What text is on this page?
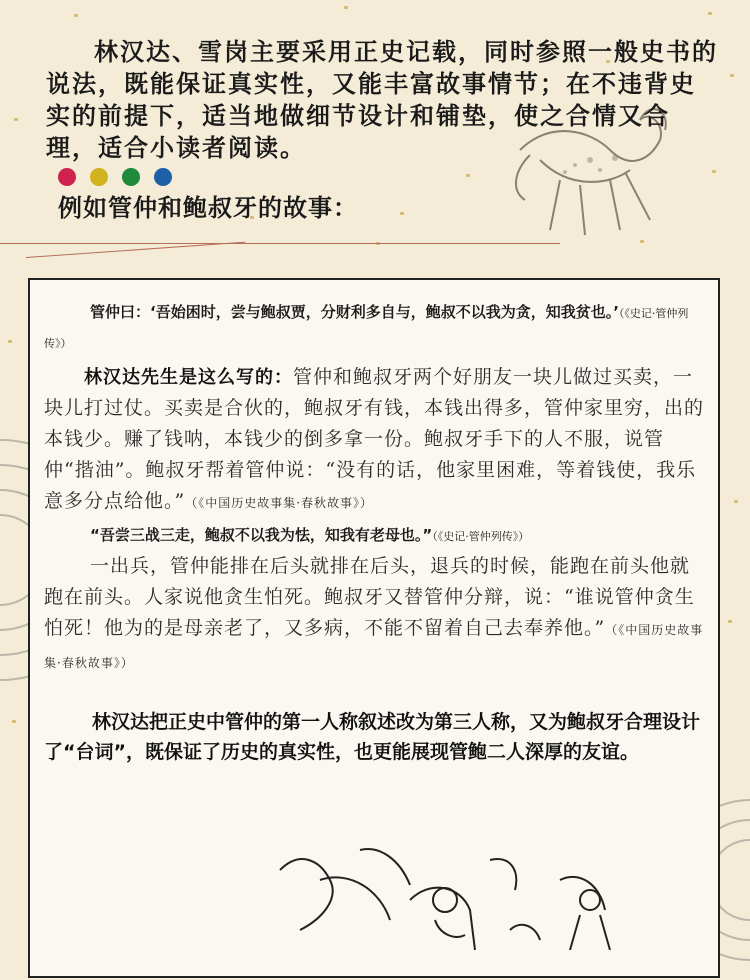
林汉达、雪岗主要采用正史记载，同时参照一般史书的说法，既能保证真实性，又能丰富故事情节；在不违背史实的前提下，适当地做细节设计和铺垫，使之合情又合理，适合小读者阅读。

例如管仲和鲍叔牙的故事：

管仲曰：‘吾始困时，尝与鲍叔贾，分财利多自与，鲍叔不以我为贪，知我贫也。’（《史记·管仲列传》）

林汉达先生是这么写的：管仲和鲍叔牙两个好朋友一块儿做过买卖，一块儿打过仗。买卖是合伙的，鲍叔牙有钱，本钱出得多，管仲家里穷，出的本钱少。赚了钱呐，本钱少的倒多拿一份。鲍叔牙手下的人不服，说管仲“揩油”。鲍叔牙帮着管仲说：“没有的话，他家里困难，等着钱使，我乐意多分点给他。”（《中国历史故事集·春秋故事》）

“吾尝三战三走，鲍叔不以我为怯，知我有老母也。”（《史记·管仲列传》）

一出兵，管仲能排在后头就排在后头，退兵的时候，能跑在前头他就跑在前头。人家说他贪生怕死。鲍叔牙又替管仲分辩，说：“谁说管仲贪生怕死！他为的是母亲老了，又多病，不能不留着自己去奉养他。”（《中国历史故事集·春秋故事》）

林汉达把正史中管仲的第一人称叙述改为第三人称，又为鲍叔牙合理设计了“台词”，既保证了历史的真实性，也更能展现管鲍二人深厚的友谊。
